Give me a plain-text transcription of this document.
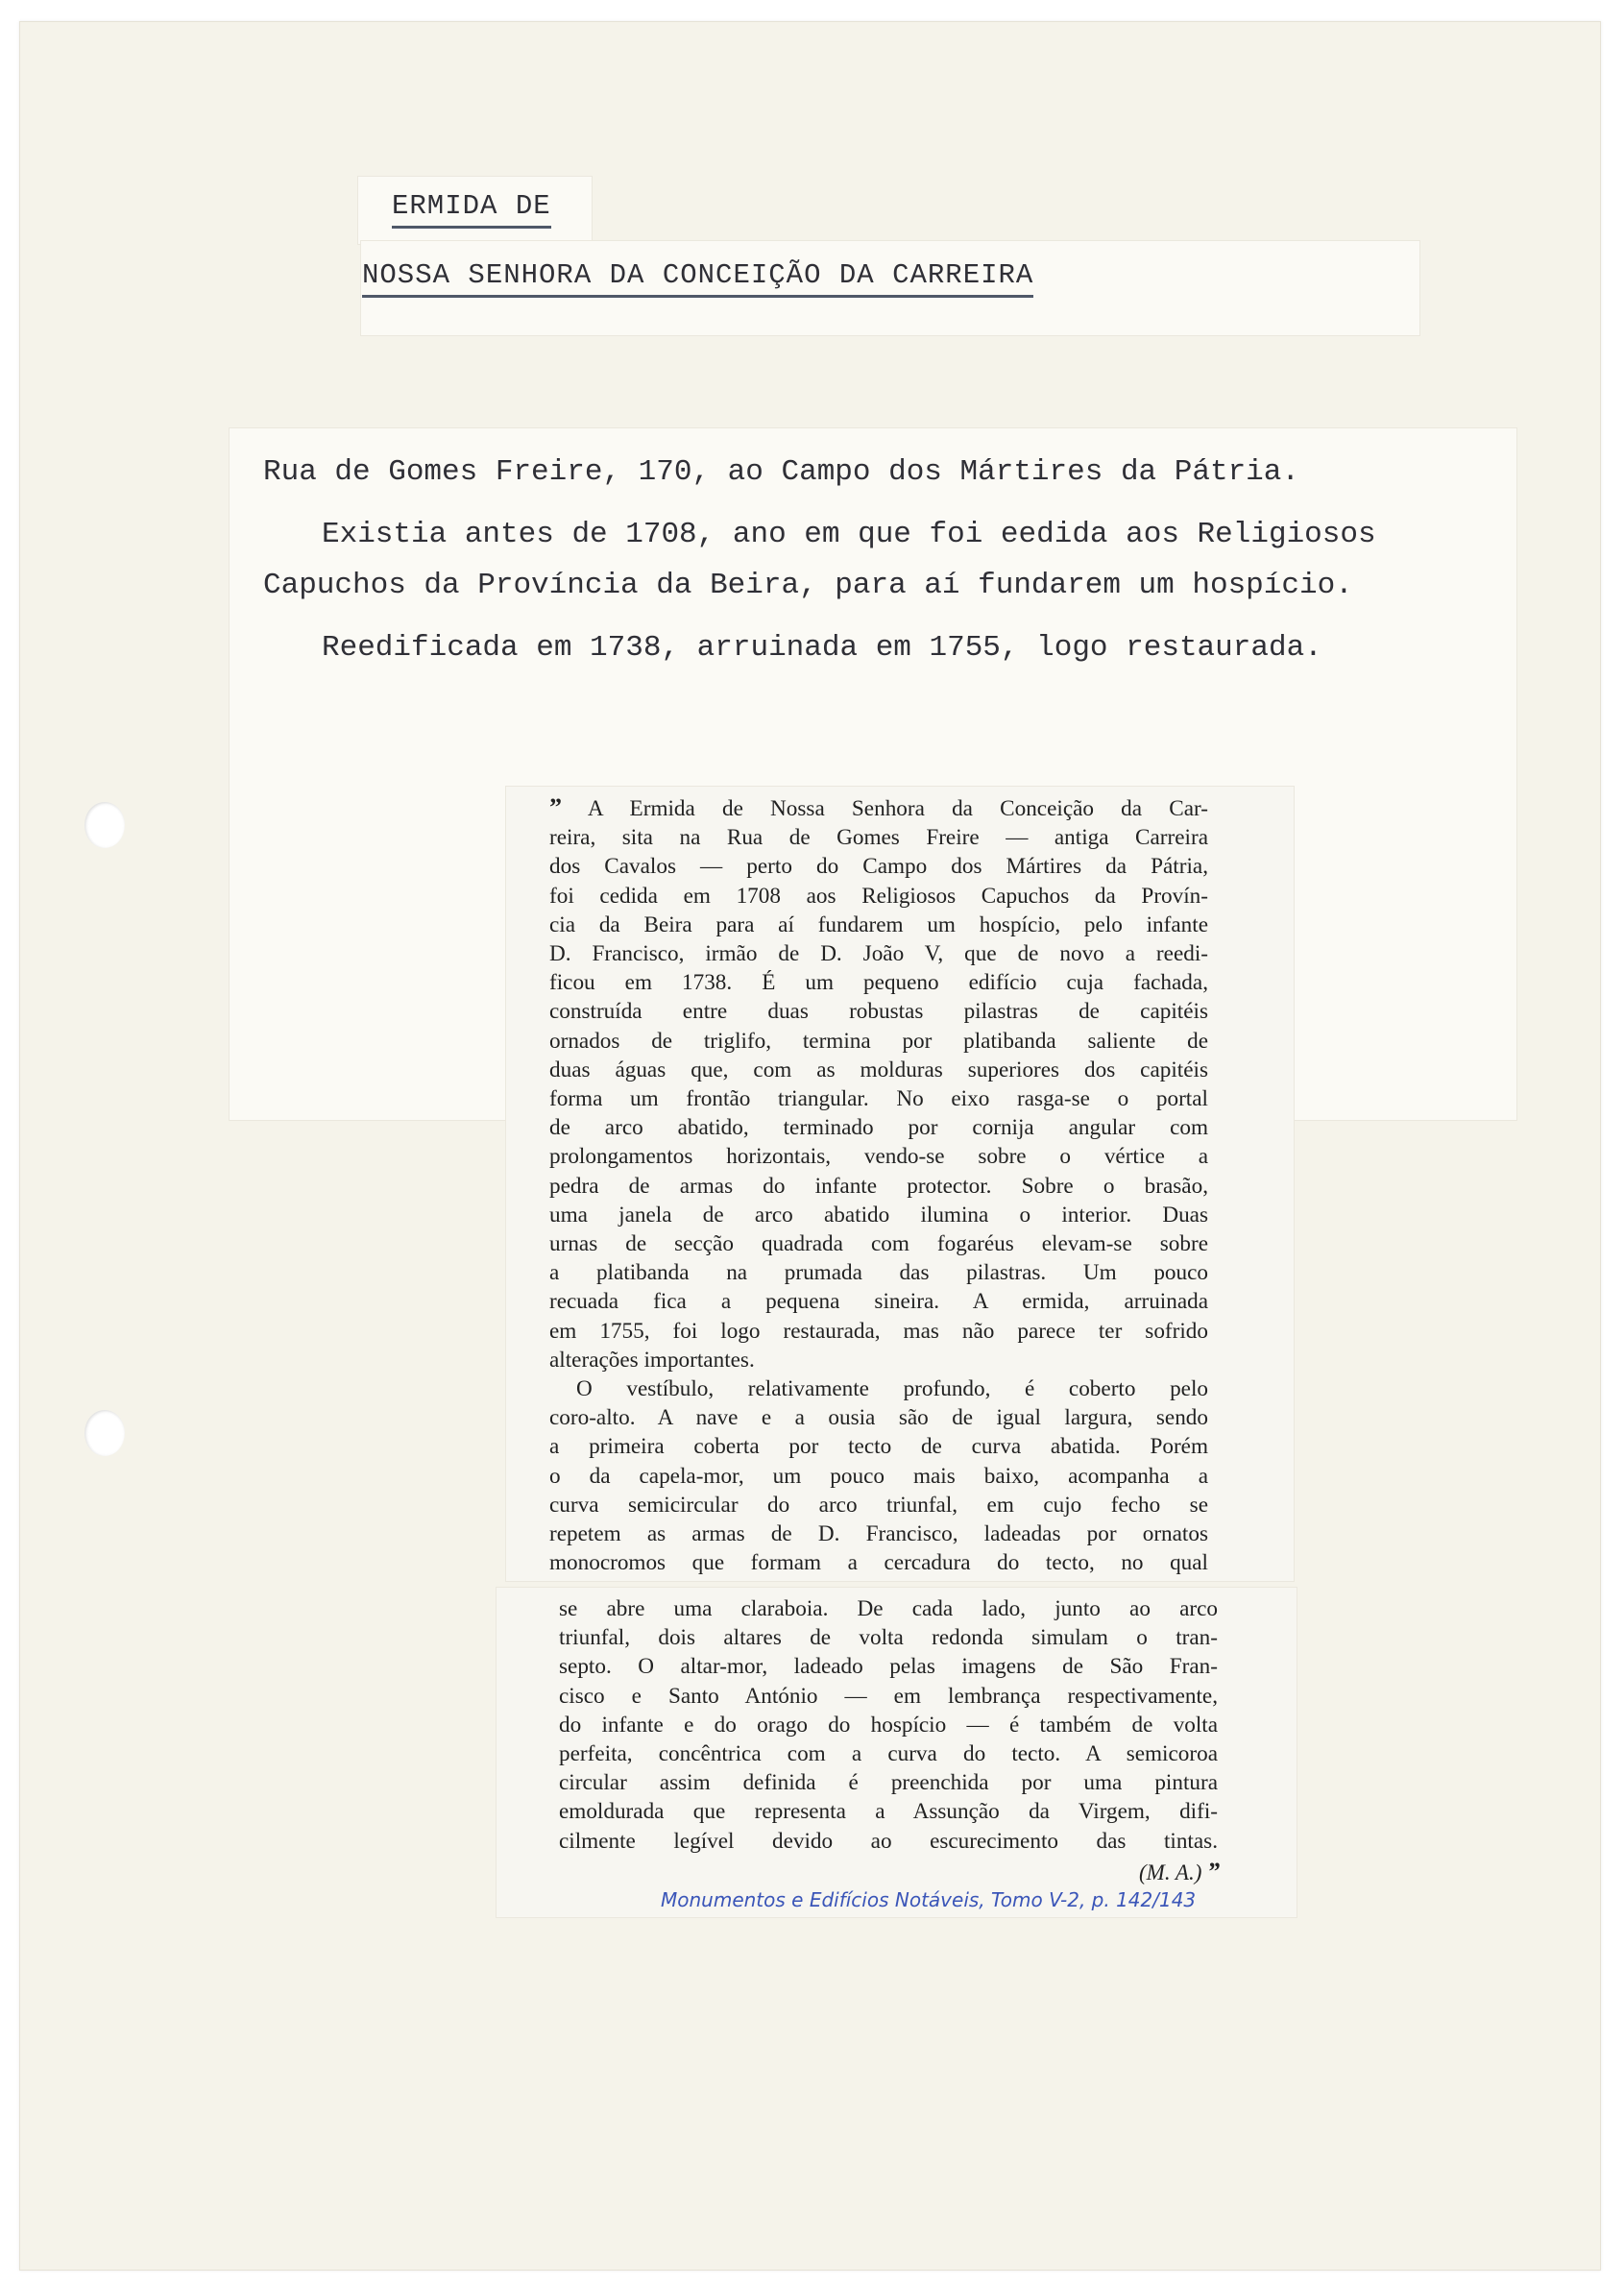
ERMIDA DE
NOSSA SENHORA DA CONCEIÇÃO DA CARREIRA
Rua de Gomes Freire, 170, ao Campo dos Mártires da Pátria.
Existia antes de 1708, ano em que foi eedida aos Religiosos
Capuchos da Província da Beira, para aí fundarem um hospício.
Reedificada em 1738, arruinada em 1755, logo restaurada.

” A Ermida de Nossa Senhora da Conceição da Car-

reira, sita na Rua de Gomes Freire — antiga Carreira

dos Cavalos — perto do Campo dos Mártires da Pátria,

foi cedida em 1708 aos Religiosos Capuchos da Provín-

cia da Beira para aí fundarem um hospício, pelo infante

D. Francisco, irmão de D. João V, que de novo a reedi-

ficou em 1738. É um pequeno edifício cuja fachada,

construída entre duas robustas pilastras de capitéis

ornados de triglifo, termina por platibanda saliente de

duas águas que, com as molduras superiores dos capitéis

forma um frontão triangular. No eixo rasga-se o portal

de arco abatido, terminado por cornija angular com

prolongamentos horizontais, vendo-se sobre o vértice a

pedra de armas do infante protector. Sobre o brasão,

uma janela de arco abatido ilumina o interior. Duas

urnas de secção quadrada com fogaréus elevam-se sobre

a platibanda na prumada das pilastras. Um pouco

recuada fica a pequena sineira. A ermida, arruinada

em 1755, foi logo restaurada, mas não parece ter sofrido

alterações importantes.

O vestíbulo, relativamente profundo, é coberto pelo

coro-alto. A nave e a ousia são de igual largura, sendo

a primeira coberta por tecto de curva abatida. Porém

o da capela-mor, um pouco mais baixo, acompanha a

curva semicircular do arco triunfal, em cujo fecho se

repetem as armas de D. Francisco, ladeadas por ornatos

monocromos que formam a cercadura do tecto, no qual

se abre uma claraboia. De cada lado, junto ao arco

triunfal, dois altares de volta redonda simulam o tran-

septo. O altar-mor, ladeado pelas imagens de São Fran-

cisco e Santo António — em lembrança respectivamente,

do infante e do orago do hospício — é também de volta

perfeita, concêntrica com a curva do tecto. A semicoroa

circular assim definida é preenchida por uma pintura

emoldurada que representa a Assunção da Virgem, difi-

cilmente legível devido ao escurecimento das tintas.

(M. A.) ”
Monumentos e Edifícios Notáveis, Tomo V-2, p. 142/143
